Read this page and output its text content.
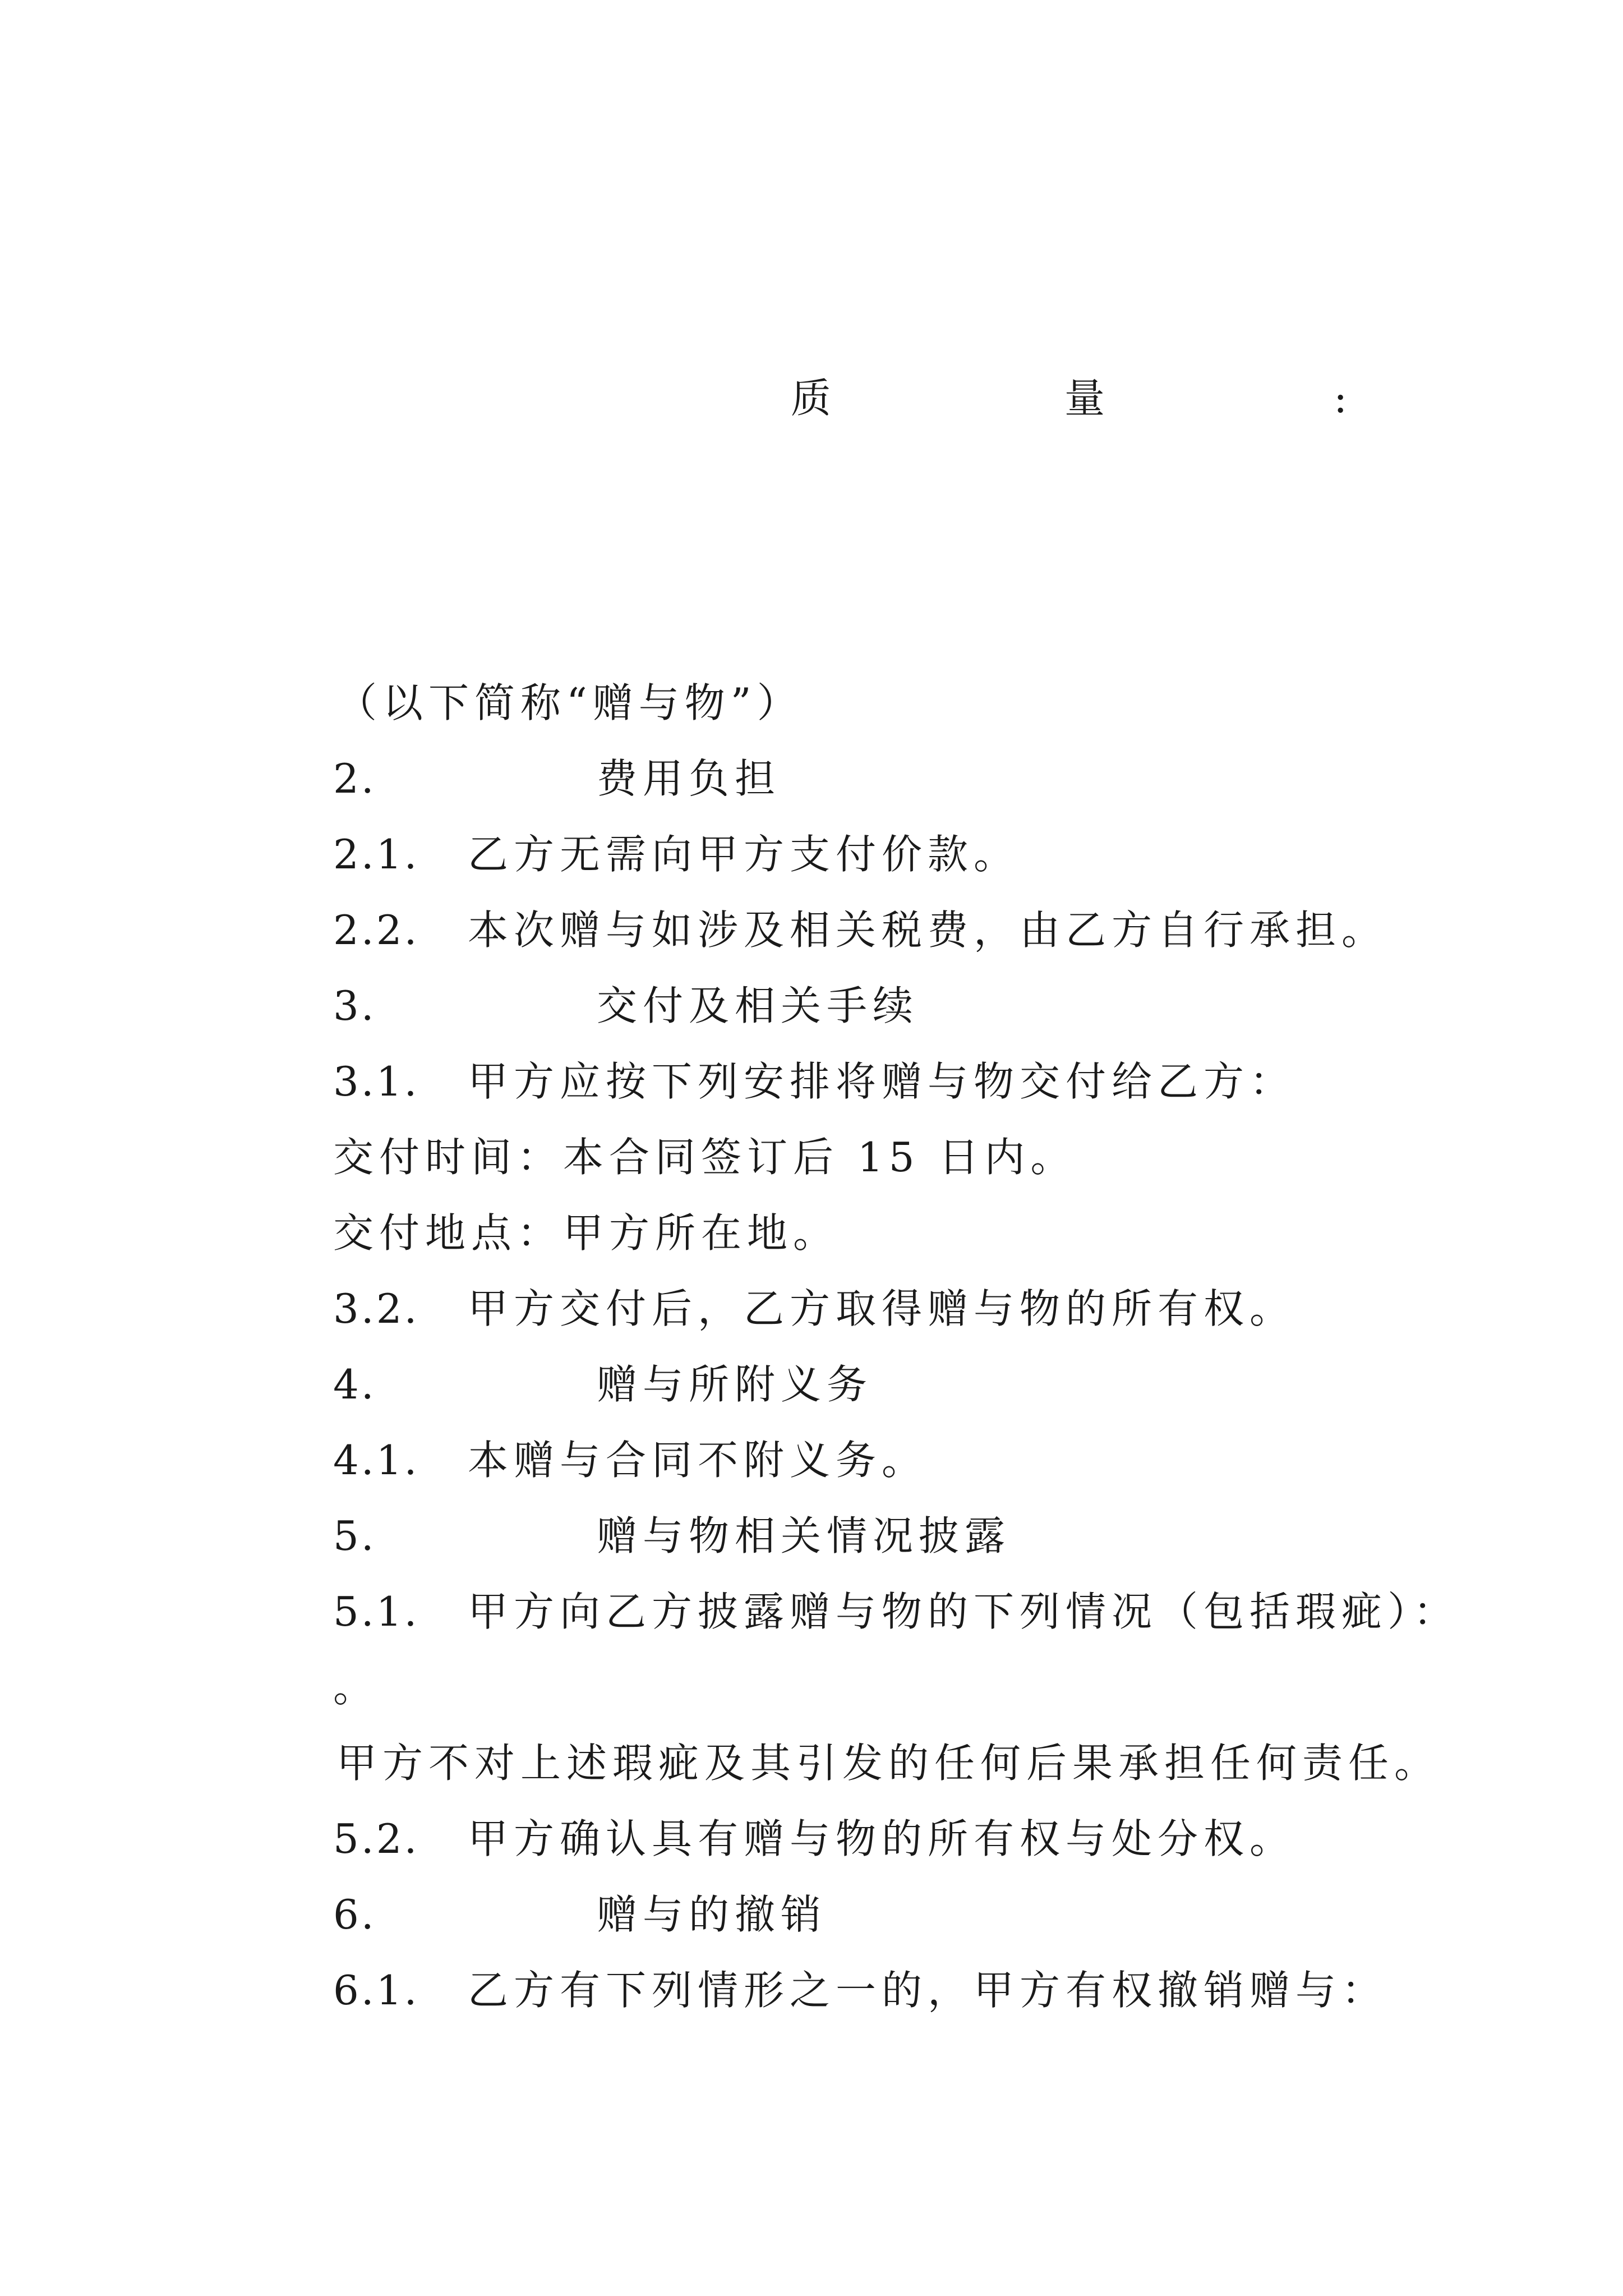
质	量	:
（以下简称“赠与物”）
2.	费用负担
2.1. 乙方无需向甲方支付价款。
2.2. 本次赠与如涉及相关税费，由乙方自行承担。
3.	交付及相关手续
3.1. 甲方应按下列安排将赠与物交付给乙方：
交付时间：本合同签订后 15 日内。
交付地点：甲方所在地。
3.2. 甲方交付后，乙方取得赠与物的所有权。
4.	赠与所附义务
4.1. 本赠与合同不附义务。
5.	赠与物相关情况披露
5.1. 甲方向乙方披露赠与物的下列情况（包括瑕疵）：
。
甲方不对上述瑕疵及其引发的任何后果承担任何责任。
5.2. 甲方确认具有赠与物的所有权与处分权。
6.	赠与的撤销
6.1. 乙方有下列情形之一的，甲方有权撤销赠与：
